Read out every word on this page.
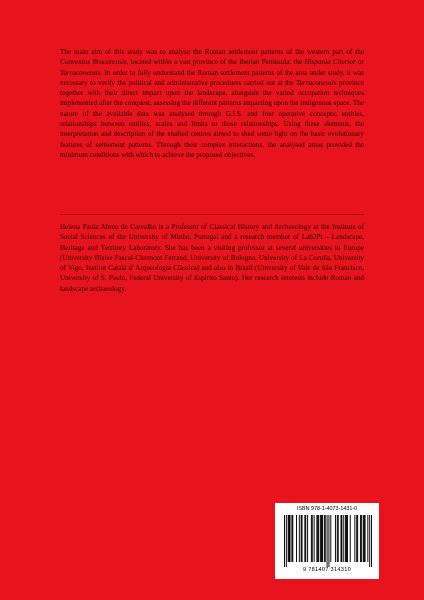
The main aim of this study was to analyse the Roman settlement patterns of the western part of the Conventus Bracarensis, located within a vast province of the Iberian Peninsula: the Hispania Citerior or Tarraconensis. In order to fully understand the Roman settlement patterns of the area under study, it was necessary to verify the political and administrative procedures carried out at the Tarraconensis province together with their direct impact upon the landscape, alongside the varied occupation techniques implemented after the conquest, assessing the different patterns impacting upon the indigenous space. The nature of the available data was analysed through G.I.S. and four operative concepts: entities, relationships between entities, scales and limits to those relationships. Using these elements, the interpretation and description of the studied centres aimed to shed some light on the basic evolutionary features of settlement patterns. Through their complex interactions, the analysed areas provided the minimum conditions with which to achieve the proposed objectives.

Helena Paula Abreu de Carvalho is a Professor of Classical History and Archaeology at the Institute of Social Sciences of the University of Minho, Portugal and a research member of Lab2Pt – Landscape, Heritage and Territory Laboratory. She has been a visiting professor at several universities in Europe (University Blaise Pascal-Clermont Ferrand, University of Bologna, University of La Coruña, University of Vigo, Institut Català d' Arqueologia Clàssica) and also in Brazil (University of Vale de São Francisco, University of S. Paulo, Federal University of Espírito Santo). Her research interests include Roman and landscape archaeology.

ISBN 978-1-4073-1431-0
9 781407 314310
